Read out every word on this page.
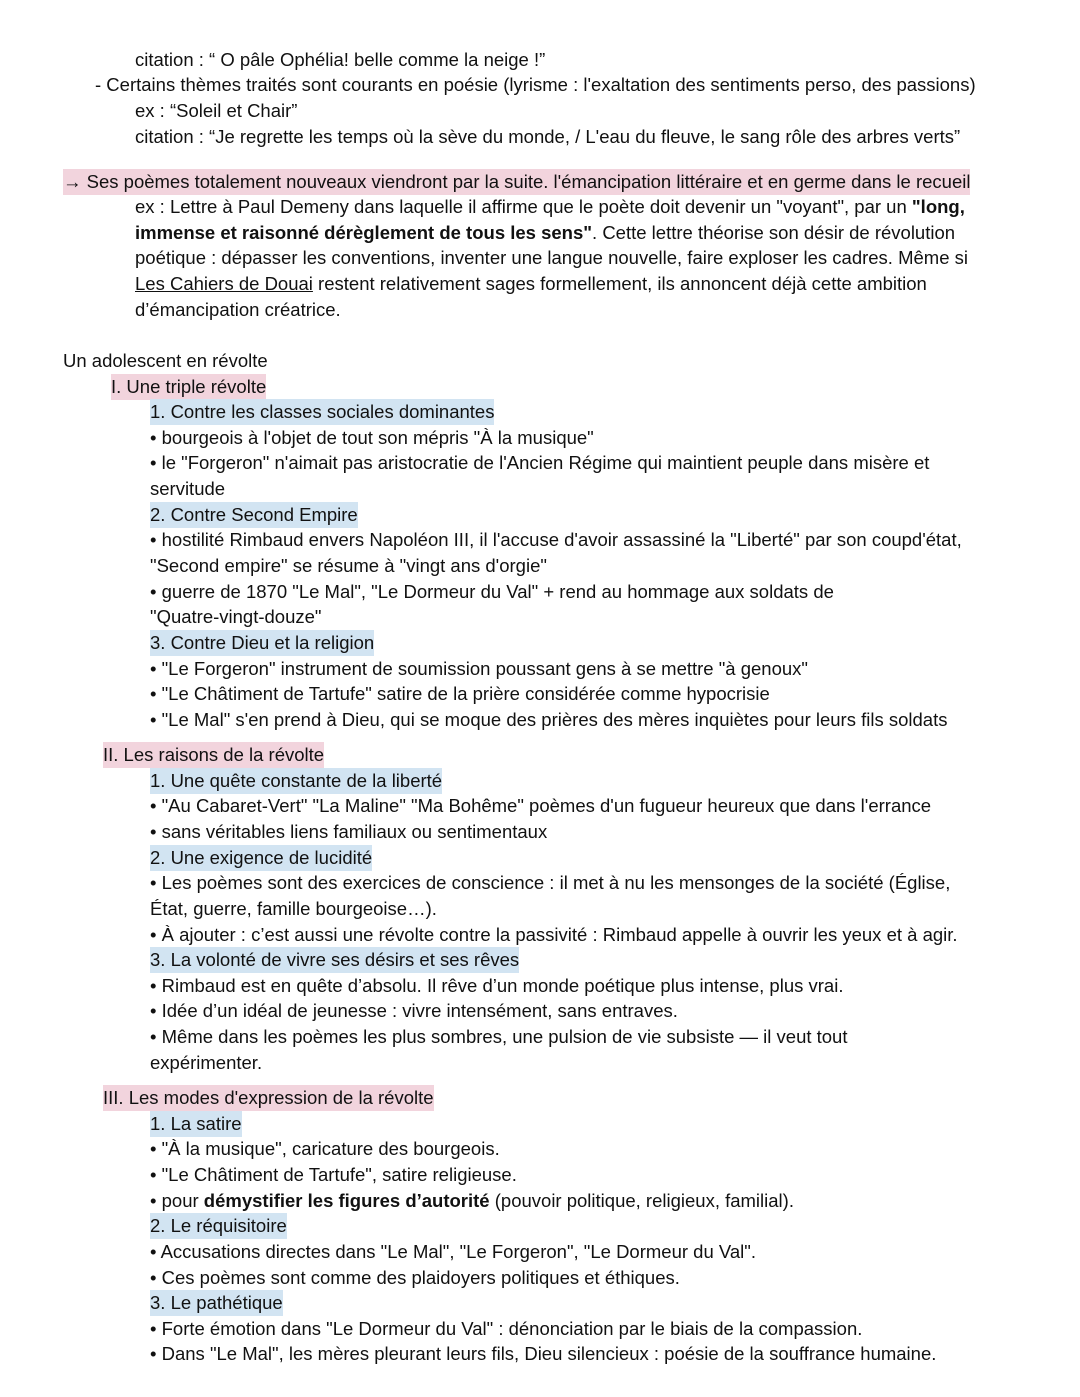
citation : “ O pâle Ophélia! belle comme la neige !”
- Certains thèmes traités sont courants en poésie (lyrisme : l'exaltation des sentiments perso, des passions)
ex : “Soleil et Chair”
citation : “Je regrette les temps où la sève du monde, / L'eau du fleuve, le sang rôle des arbres verts”
→ Ses poèmes totalement nouveaux viendront par la suite. l'émancipation littéraire et en germe dans le recueil
ex : Lettre à Paul Demeny dans laquelle il affirme que le poète doit devenir un "voyant", par un "long,
immense et raisonné dérèglement de tous les sens". Cette lettre théorise son désir de révolution
poétique : dépasser les conventions, inventer une langue nouvelle, faire exploser les cadres. Même si
Les Cahiers de Douai restent relativement sages formellement, ils annoncent déjà cette ambition
d’émancipation créatrice.
Un adolescent en révolte
I. Une triple révolte
1. Contre les classes sociales dominantes
• bourgeois à l'objet de tout son mépris "À la musique"
• le "Forgeron" n'aimait pas aristocratie de l'Ancien Régime qui maintient peuple dans misère et
servitude
2. Contre Second Empire
• hostilité Rimbaud envers Napoléon III, il l'accuse d'avoir assassiné la "Liberté" par son coupd'état,
"Second empire" se résume à "vingt ans d'orgie"
• guerre de 1870 "Le Mal", "Le Dormeur du Val" + rend au hommage aux soldats de
"Quatre-vingt-douze"
3. Contre Dieu et la religion
• "Le Forgeron" instrument de soumission poussant gens à se mettre "à genoux"
• "Le Châtiment de Tartufe" satire de la prière considérée comme hypocrisie
• "Le Mal" s'en prend à Dieu, qui se moque des prières des mères inquiètes pour leurs fils soldats
II. Les raisons de la révolte
1. Une quête constante de la liberté
• "Au Cabaret-Vert" "La Maline" "Ma Bohême" poèmes d'un fugueur heureux que dans l'errance
• sans véritables liens familiaux ou sentimentaux
2. Une exigence de lucidité
• Les poèmes sont des exercices de conscience : il met à nu les mensonges de la société (Église,
État, guerre, famille bourgeoise…).
• À ajouter : c’est aussi une révolte contre la passivité : Rimbaud appelle à ouvrir les yeux et à agir.
3. La volonté de vivre ses désirs et ses rêves
• Rimbaud est en quête d’absolu. Il rêve d’un monde poétique plus intense, plus vrai.
• Idée d’un idéal de jeunesse : vivre intensément, sans entraves.
• Même dans les poèmes les plus sombres, une pulsion de vie subsiste — il veut tout
expérimenter.
III. Les modes d'expression de la révolte
1. La satire
• "À la musique", caricature des bourgeois.
• "Le Châtiment de Tartufe", satire religieuse.
• pour démystifier les figures d’autorité (pouvoir politique, religieux, familial).
2. Le réquisitoire
• Accusations directes dans "Le Mal", "Le Forgeron", "Le Dormeur du Val".
• Ces poèmes sont comme des plaidoyers politiques et éthiques.
3. Le pathétique
• Forte émotion dans "Le Dormeur du Val" : dénonciation par le biais de la compassion.
• Dans "Le Mal", les mères pleurant leurs fils, Dieu silencieux : poésie de la souffrance humaine.
